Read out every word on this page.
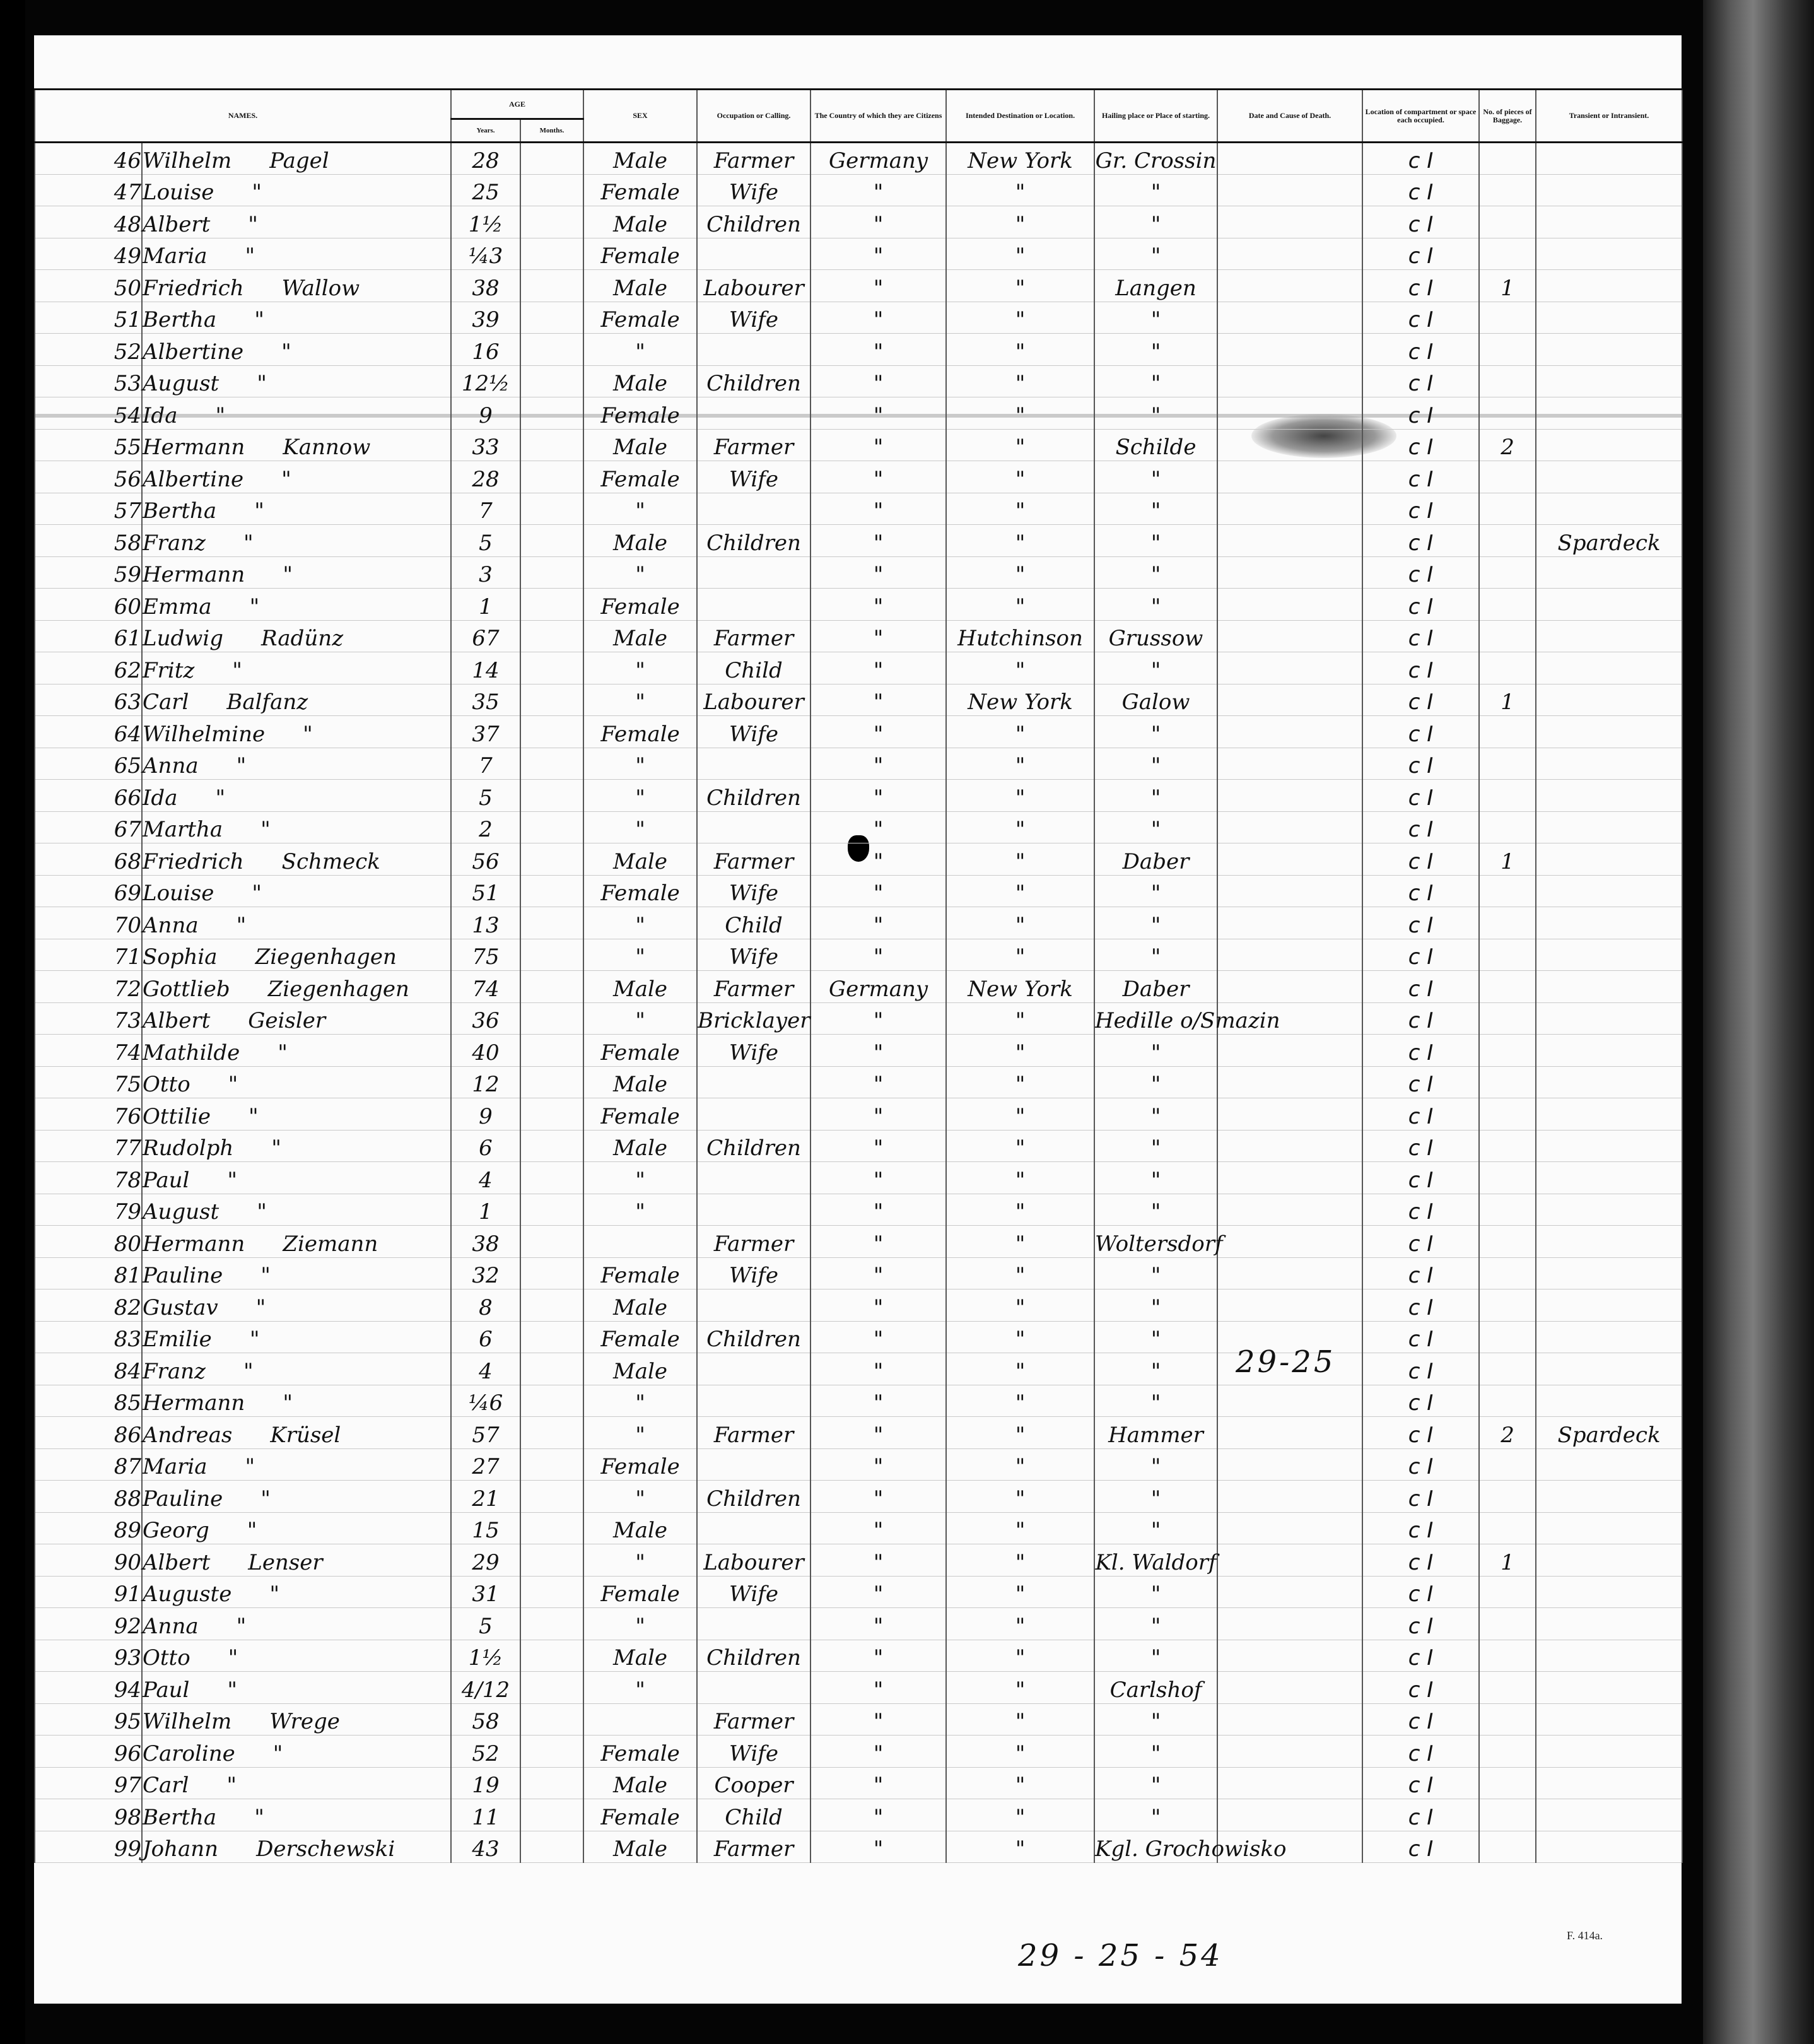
NAMES.		AGE		SEX	Occupation or Calling.	The Country of which they are Citizens	Intended Destination or Location.	Hailing place or Place of starting.	Date and Cause of Death.	Location of compartment or space each occupied.	No. of pieces of Baggage.	Transient or Intransient.
		Years.	Months.									
46	Wilhelm Pagel	28		Male	Farmer	Germany	New York	Gr. Crossin		c I		
47	Louise "	25		Female	Wife	"	"	"		c I		
48	Albert "	1½		Male	Children	"	"	"		c I		
49	Maria "	¼3		Female		"	"	"		c I		
50	Friedrich Wallow	38		Male	Labourer	"	"	Langen		c I	1	
51	Bertha "	39		Female	Wife	"	"	"		c I		
52	Albertine "	16		"		"	"	"		c I		
53	August "	12½		Male	Children	"	"	"		c I		
54	Ida "	9		Female		"	"	"		c I		
55	Hermann Kannow	33		Male	Farmer	"	"	Schilde		c I	2	
56	Albertine "	28		Female	Wife	"	"	"		c I		
57	Bertha "	7		"		"	"	"		c I		
58	Franz "	5		Male	Children	"	"	"		c I		Spardeck
59	Hermann "	3		"		"	"	"		c I		
60	Emma "	1		Female		"	"	"		c I		
61	Ludwig Radünz	67		Male	Farmer	"	Hutchinson	Grussow		c I		
62	Fritz "	14		"	Child	"	"	"		c I		
63	Carl Balfanz	35		"	Labourer	"	New York	Galow		c I	1	
64	Wilhelmine "	37		Female	Wife	"	"	"		c I		
65	Anna "	7		"		"	"	"		c I		
66	Ida "	5		"	Children	"	"	"		c I		
67	Martha "	2		"		"	"	"		c I		
68	Friedrich Schmeck	56		Male	Farmer	"	"	Daber		c I	1	
69	Louise "	51		Female	Wife	"	"	"		c I		
70	Anna "	13		"	Child	"	"	"		c I		
71	Sophia Ziegenhagen	75		"	Wife	"	"	"		c I		
72	Gottlieb Ziegenhagen	74		Male	Farmer	Germany	New York	Daber		c I		
73	Albert Geisler	36		"	Bricklayer	"	"	Hedille o/Smazin		c I		
74	Mathilde "	40		Female	Wife	"	"	"		c I		
75	Otto "	12		Male		"	"	"		c I		
76	Ottilie "	9		Female		"	"	"		c I		
77	Rudolph "	6		Male	Children	"	"	"		c I		
78	Paul "	4		"		"	"	"		c I		
79	August "	1		"		"	"	"		c I		
80	Hermann Ziemann	38			Farmer	"	"	Woltersdorf		c I		
81	Pauline "	32		Female	Wife	"	"	"		c I		
82	Gustav "	8		Male		"	"	"		c I		
83	Emilie "	6		Female	Children	"	"	"		c I		
84	Franz "	4		Male		"	"	"		c I		
85	Hermann "	¼6		"		"	"	"		c I		
86	Andreas Krüsel	57		"	Farmer	"	"	Hammer		c I	2	Spardeck
87	Maria "	27		Female		"	"	"		c I		
88	Pauline "	21		"	Children	"	"	"		c I		
89	Georg "	15		Male		"	"	"		c I		
90	Albert Lenser	29		"	Labourer	"	"	Kl. Waldorf		c I	1	
91	Auguste "	31		Female	Wife	"	"	"		c I		
92	Anna "	5		"		"	"	"		c I		
93	Otto "	1½		Male	Children	"	"	"		c I		
94	Paul "	4/12		"		"	"	Carlshof		c I		
95	Wilhelm Wrege	58			Farmer	"	"	"		c I		
96	Caroline "	52		Female	Wife	"	"	"		c I		
97	Carl "	19		Male	Cooper	"	"	"		c I		
98	Bertha "	11		Female	Child	"	"	"		c I		
99	Johann Derschewski	43		Male	Farmer	"	"	Kgl. Grochowisko		c I		
29-25
29 - 25 - 54
F. 414a.
